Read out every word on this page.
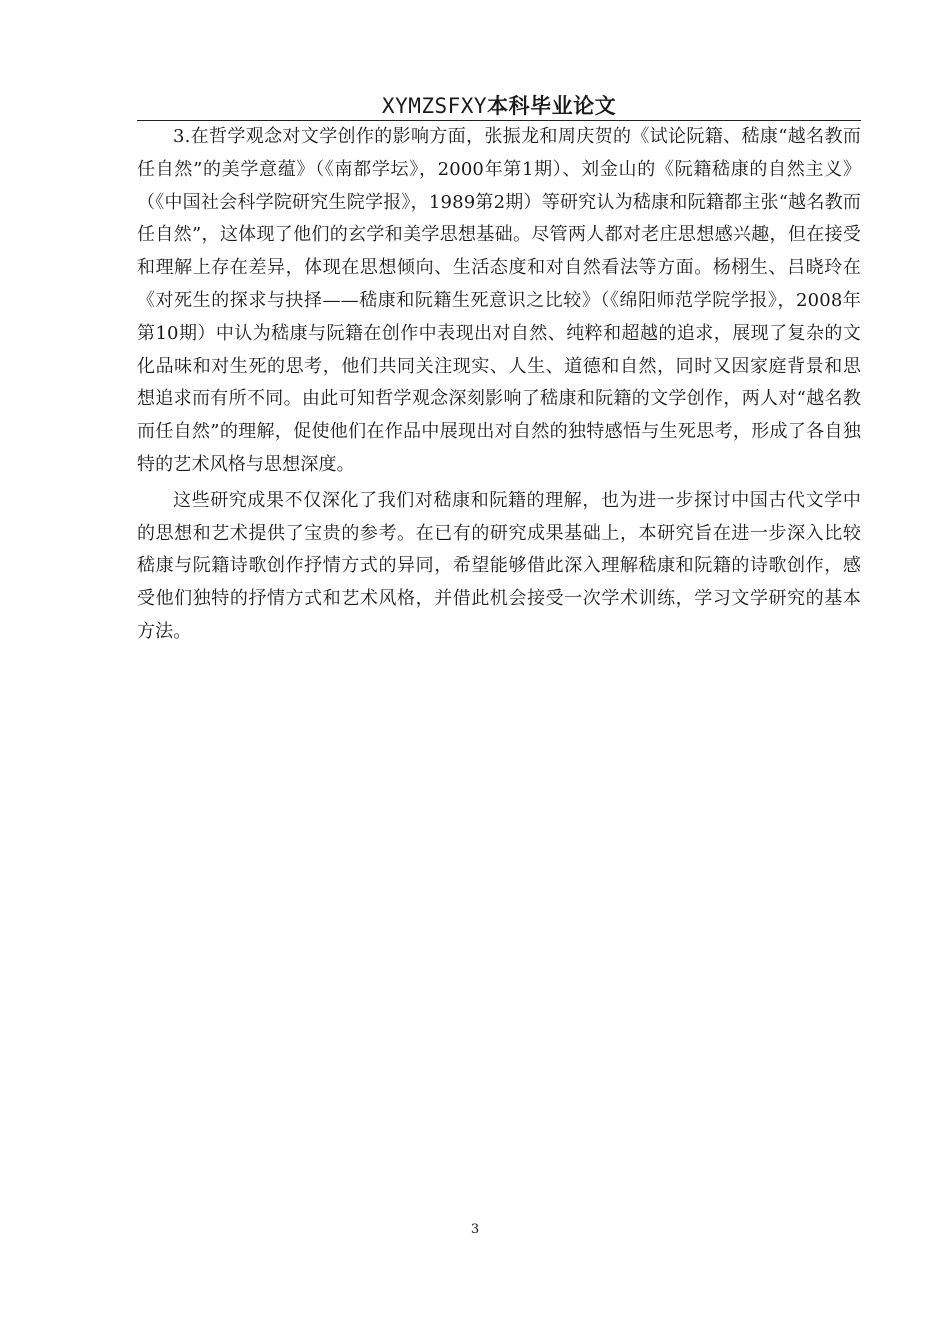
XYMZSFXY本科毕业论文

3.在哲学观念对文学创作的影响方面，张振龙和周庆贺的《试论阮籍、嵇康“越名教而任自然”的美学意蕴》（《南都学坛》，2000年第1期）、刘金山的《阮籍嵇康的自然主义》（《中国社会科学院研究生院学报》，1989第2期）等研究认为嵇康和阮籍都主张“越名教而任自然”，这体现了他们的玄学和美学思想基础。尽管两人都对老庄思想感兴趣，但在接受和理解上存在差异，体现在思想倾向、生活态度和对自然看法等方面。杨栩生、吕晓玲在《对死生的探求与抉择——嵇康和阮籍生死意识之比较》（《绵阳师范学院学报》，2008年第10期）中认为嵇康与阮籍在创作中表现出对自然、纯粹和超越的追求，展现了复杂的文化品味和对生死的思考，他们共同关注现实、人生、道德和自然，同时又因家庭背景和思想追求而有所不同。由此可知哲学观念深刻影响了嵇康和阮籍的文学创作，两人对“越名教而任自然”的理解，促使他们在作品中展现出对自然的独特感悟与生死思考，形成了各自独特的艺术风格与思想深度。

这些研究成果不仅深化了我们对嵇康和阮籍的理解，也为进一步探讨中国古代文学中的思想和艺术提供了宝贵的参考。在已有的研究成果基础上，本研究旨在进一步深入比较嵇康与阮籍诗歌创作抒情方式的异同，希望能够借此深入理解嵇康和阮籍的诗歌创作，感受他们独特的抒情方式和艺术风格，并借此机会接受一次学术训练，学习文学研究的基本方法。

3
